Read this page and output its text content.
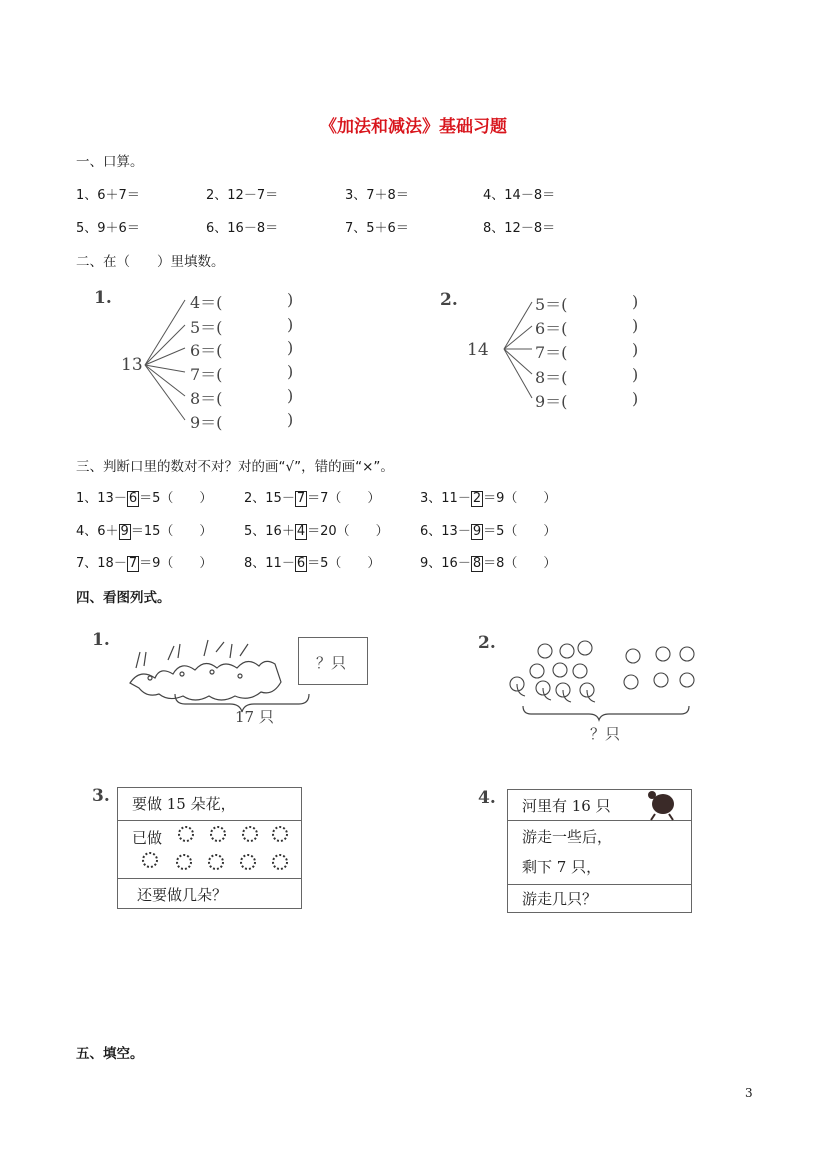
《加法和减法》基础习题
一、口算。
1、6＋7＝	2、12－7＝	3、7＋8＝	4、14－8＝
5、9＋6＝	6、16－8＝	7、5＋6＝	8、12－8＝
二、在（　　）里填数。
1.
13
4＝(
5＝(
6＝(
7＝(
8＝(
9＝(
)
)
)
)
)
)
2.
14
5＝(
6＝(
7＝(
8＝(
9＝(
)
)
)
)
)
三、判断口里的数对不对？对的画“√”，错的画“×”。
1、13－ 6 ＝5（　　） 2、15－ 7 ＝7（　　）	3、11－ 2 ＝9（　　）
4、6＋ 9 ＝15（　　） 5、16＋ 4 ＝20（　　） 6、13－ 9 ＝5（　　）
7、18－ 7 ＝9（　　） 8、11－ 6 ＝5（　　）	9、16－ 8 ＝8（　　）
四、看图列式。
1.
？只
17 只
2.
？只
3. 要做 15 朵花，
已做
还要做几朵？
4. 河里有 16 只
游走一些后，
剩下 7 只，
游走几只？
五、填空。
3
